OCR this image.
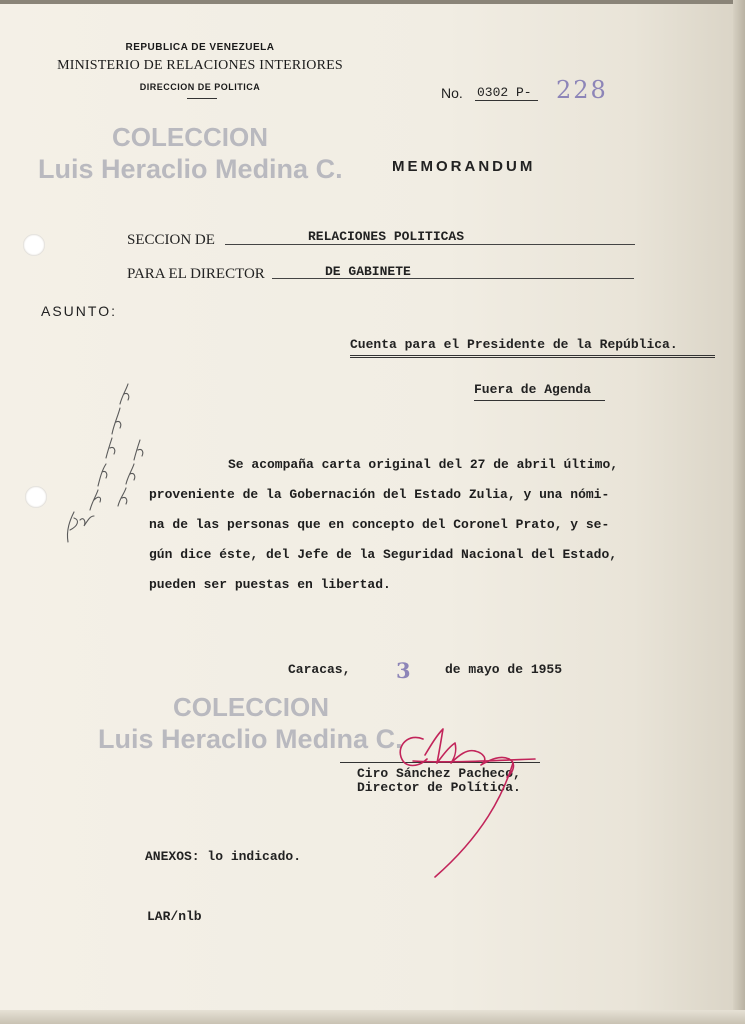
REPUBLICA DE VENEZUELA
MINISTERIO DE RELACIONES INTERIORES
DIRECCION DE POLITICA	No. 0302 P- 228
COLECCION
Luis Heraclio Medina C.	MEMORANDUM
SECCION DE	RELACIONES POLITICAS
PARA EL DIRECTOR	DE GABINETE
ASUNTO:
Cuenta para el Presidente de la República.
Fuera de Agenda
Se acompaña carta original del 27 de abril último,
proveniente de la Gobernación del Estado Zulia, y una nómi-
na de las personas que en concepto del Coronel Prato, y se-
gún dice éste, del Jefe de la Seguridad Nacional del Estado,
pueden ser puestas en libertad.
Caracas, 3	de mayo de 1955
COLECCION
Luis Heraclio Medina C.
Ciro Sánchez Pacheco,
Director de Política.
ANEXOS: lo indicado.
LAR/nlb
